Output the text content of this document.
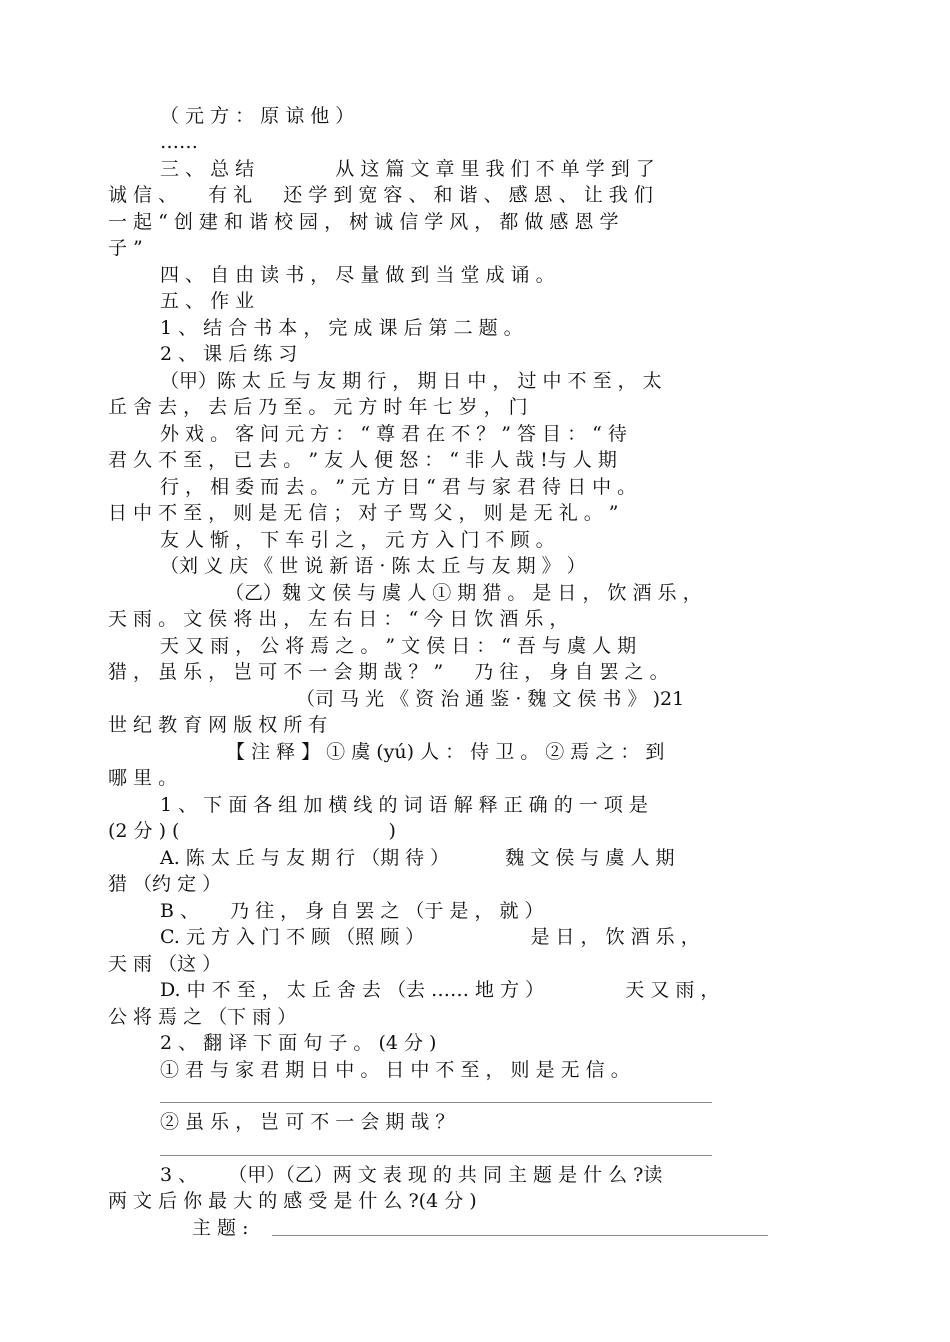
（ 元 方 ： 原 谅 他 ）

……

三 、 总 结 　 　 　 从 这 篇 文 章 里 我 们 不 单 学 到 了

诚 信 、 　 有 礼 　 还 学 到 宽 容 、 和 谐 、 感 恩 、 让 我 们

一 起 “ 创 建 和 谐 校 园 ， 树 诚 信 学 风 ， 都 做 感 恩 学

子 ”

四 、 自 由 读 书 ， 尽 量 做 到 当 堂 成 诵 。

五 、 作 业

1 、 结 合 书 本 ， 完 成 课 后 第 二 题 。

2 、 课 后 练 习

（甲）陈 太 丘 与 友 期 行 ， 期 日 中 ， 过 中 不 至 ， 太

丘 舍 去 ， 去 后 乃 至 。 元 方 时 年 七 岁 ， 门

外 戏 。 客 问 元 方 ： “ 尊 君 在 不 ？ ” 答 目 ： “ 待

君 久 不 至 ， 已 去 。 ” 友 人 便 怒 ： “ 非 人 哉 !与 人 期

行 ， 相 委 而 去 。 ” 元 方 日 “ 君 与 家 君 待 日 中 。

日 中 不 至 ， 则 是 无 信 ； 对 子 骂 父 ， 则 是 无 礼 。 ”

友 人 惭 ， 下 车 引 之 ， 元 方 入 门 不 顾 。

（刘 义 庆 《 世 说 新 语 · 陈 太 丘 与 友 期 》 ）

（乙）魏 文 侯 与 虞 人 ① 期 猎 。 是 日 ， 饮 酒 乐 ，

天 雨 。 文 侯 将 出 ， 左 右 日 ： “ 今 日 饮 酒 乐 ，

天 又 雨 ， 公 将 焉 之 。 ” 文 侯 日 ： “ 吾 与 虞 人 期

猎 ， 虽 乐 ， 岂 可 不 一 会 期 哉 ？ ” 　 乃 往 ， 身 自 罢 之 。

（司 马 光 《 资 治 通 鉴 · 魏 文 侯 书 》 )21

世 纪 教 育 网 版 权 所 有

【 注 释 】 ① 虞 (yú) 人 ： 侍 卫 。 ② 焉 之 ： 到

哪 里 。

1 、 下 面 各 组 加 横 线 的 词 语 解 释 正 确 的 一 项 是

(2 分 ) (　　　　　　　　　　　)

A. 陈 太 丘 与 友 期 行 （期 待 ） 　 　 魏 文 侯 与 虞 人 期

猎 （约 定 ）

B 、 　 乃 往 ， 身 自 罢 之 （于 是 ， 就 ）

C. 元 方 入 门 不 顾 （照 顾 ） 　 　 　 　 是 日 ， 饮 酒 乐 ，

天 雨 （这 ）

D. 中 不 至 ， 太 丘 舍 去 （去 …… 地 方 ） 　 　 　 天 又 雨 ，

公 将 焉 之 （下 雨 ）

2 、 翻 译 下 面 句 子 。 (4 分 )

① 君 与 家 君 期 日 中 。 日 中 不 至 ， 则 是 无 信 。

② 虽 乐 ， 岂 可 不 一 会 期 哉 ？

3 、 　 （甲）（乙）两 文 表 现 的 共 同 主 题 是 什 么 ?读

两 文 后 你 最 大 的 感 受 是 什 么 ?(4 分 )

主 题 :
